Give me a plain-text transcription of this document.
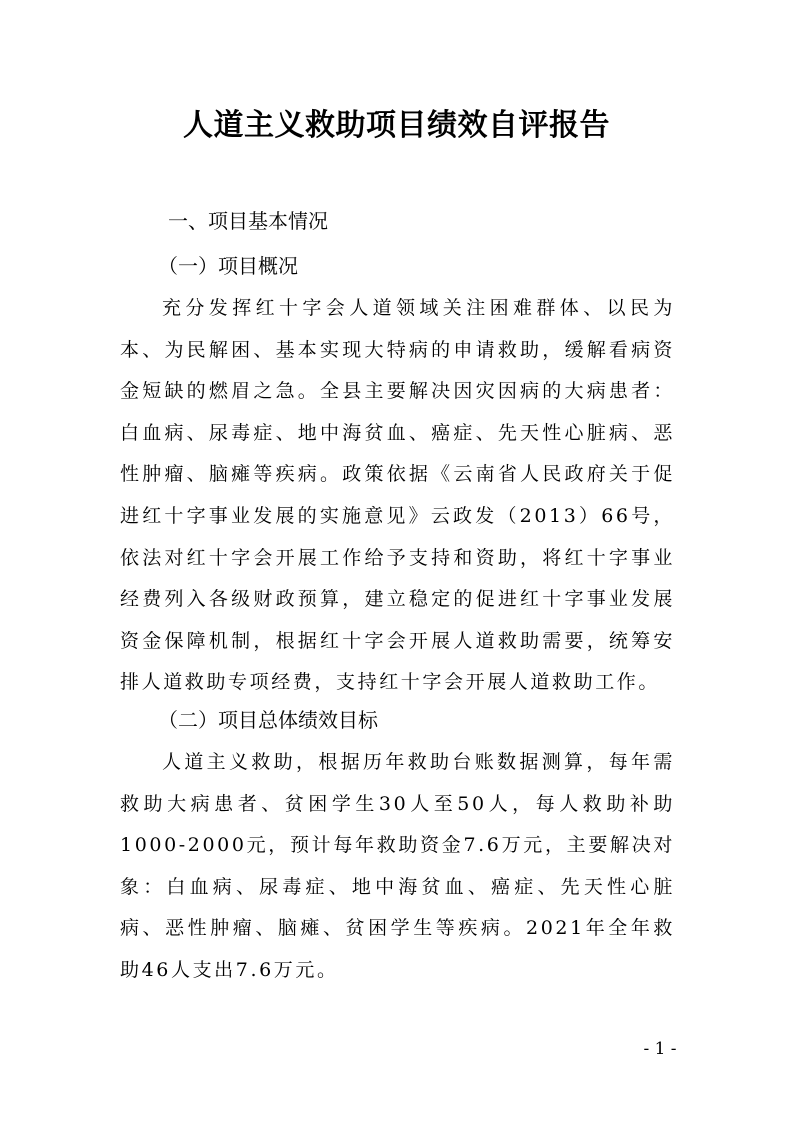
人道主义救助项目绩效自评报告
一、项目基本情况
（一）项目概况

充分发挥红十字会人道领域关注困难群体、以民为本、为民解困、基本实现大特病的申请救助，缓解看病资金短缺的燃眉之急。全县主要解决因灾因病的大病患者：白血病、尿毒症、地中海贫血、癌症、先天性心脏病、恶性肿瘤、脑瘫等疾病。政策依据《云南省人民政府关于促进红十字事业发展的实施意见》云政发（2013）66号，依法对红十字会开展工作给予支持和资助，将红十字事业经费列入各级财政预算，建立稳定的促进红十字事业发展资金保障机制，根据红十字会开展人道救助需要，统筹安排人道救助专项经费，支持红十字会开展人道救助工作。

（二）项目总体绩效目标

人道主义救助，根据历年救助台账数据测算，每年需救助大病患者、贫困学生30人至50人，每人救助补助1000-2000元，预计每年救助资金7.6万元，主要解决对象：白血病、尿毒症、地中海贫血、癌症、先天性心脏病、恶性肿瘤、脑瘫、贫困学生等疾病。2021年全年救助46人支出7.6万元。

- 1 -
